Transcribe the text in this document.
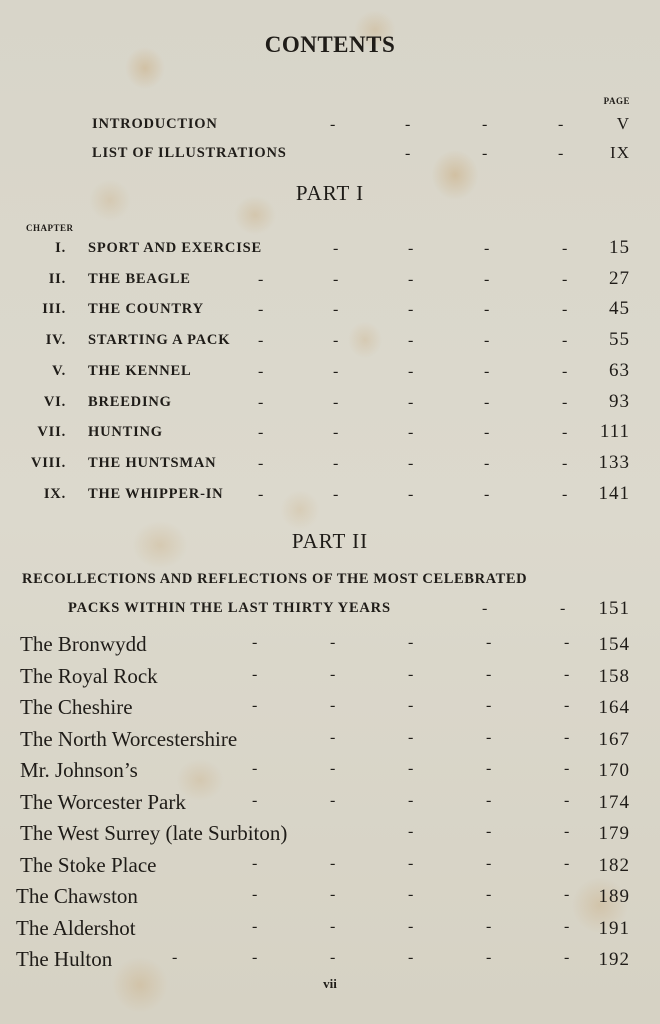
CONTENTS
PAGE
INTRODUCTION	-	-	-	-	V
LIST OF ILLUSTRATIONS	-	-	-	IX
PART I
CHAPTER
I. SPORT AND EXERCISE	-	-	-	- 15
II. THE BEAGLE	-	-	-	-	- 27
III. THE COUNTRY	-	-	-	-	- 45
IV. STARTING A PACK -	-	-	-	- 55
V. THE KENNEL	-	-	-	-	- 63
VI. BREEDING	-	-	-	-	- 93
VII. HUNTING	-	-	-	-	- 111
VIII. THE HUNTSMAN	-	-	-	-	- 133
IX. THE WHIPPER-IN -	-	-	-	- 141
PART II
RECOLLECTIONS AND REFLECTIONS OF THE MOST CELEBRATED
PACKS WITHIN THE LAST THIRTY YEARS	-	- 151
The Bronwydd	-	-	-	-	- 154
The Royal Rock	-	-	-	-	- 158
The Cheshire	-	-	-	-	- 164
The North Worcestershire	-	-	-	- 167
Mr. Johnson’s	-	-	-	-	- 170
The Worcester Park	-	-	-	-	- 174
The West Surrey (late Surbiton)	-	-	- 179
The Stoke Place	-	-	-	-	- 182
The Chawston	-	-	-	-	- 189
The Aldershot	-	-	-	-	- 191
The Hulton	-	-	-	-	-	- 192
vii
